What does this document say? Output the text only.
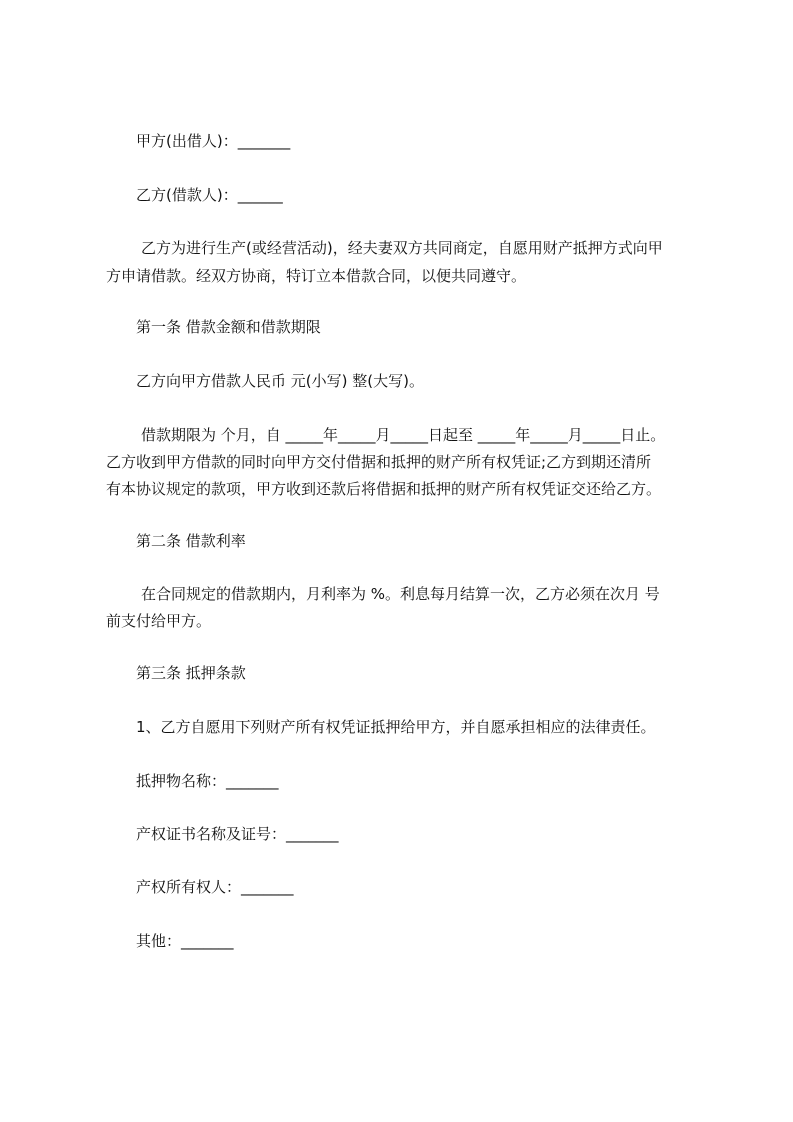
甲方(出借人)：_______
乙方(借款人)：______
乙方为进行生产(或经营活动)，经夫妻双方共同商定，自愿用财产抵押方式向甲
方申请借款。经双方协商，特订立本借款合同，以便共同遵守。
第一条 借款金额和借款期限
乙方向甲方借款人民币 元(小写) 整(大写)。
借款期限为 个月，自 _____年_____月_____日起至 _____年_____月_____日止。
乙方收到甲方借款的同时向甲方交付借据和抵押的财产所有权凭证;乙方到期还清所
有本协议规定的款项，甲方收到还款后将借据和抵押的财产所有权凭证交还给乙方。
第二条 借款利率
在合同规定的借款期内，月利率为 %。利息每月结算一次，乙方必须在次月 号
前支付给甲方。
第三条 抵押条款
1、乙方自愿用下列财产所有权凭证抵押给甲方，并自愿承担相应的法律责任。
抵押物名称：_______
产权证书名称及证号：_______
产权所有权人：_______
其他：_______
